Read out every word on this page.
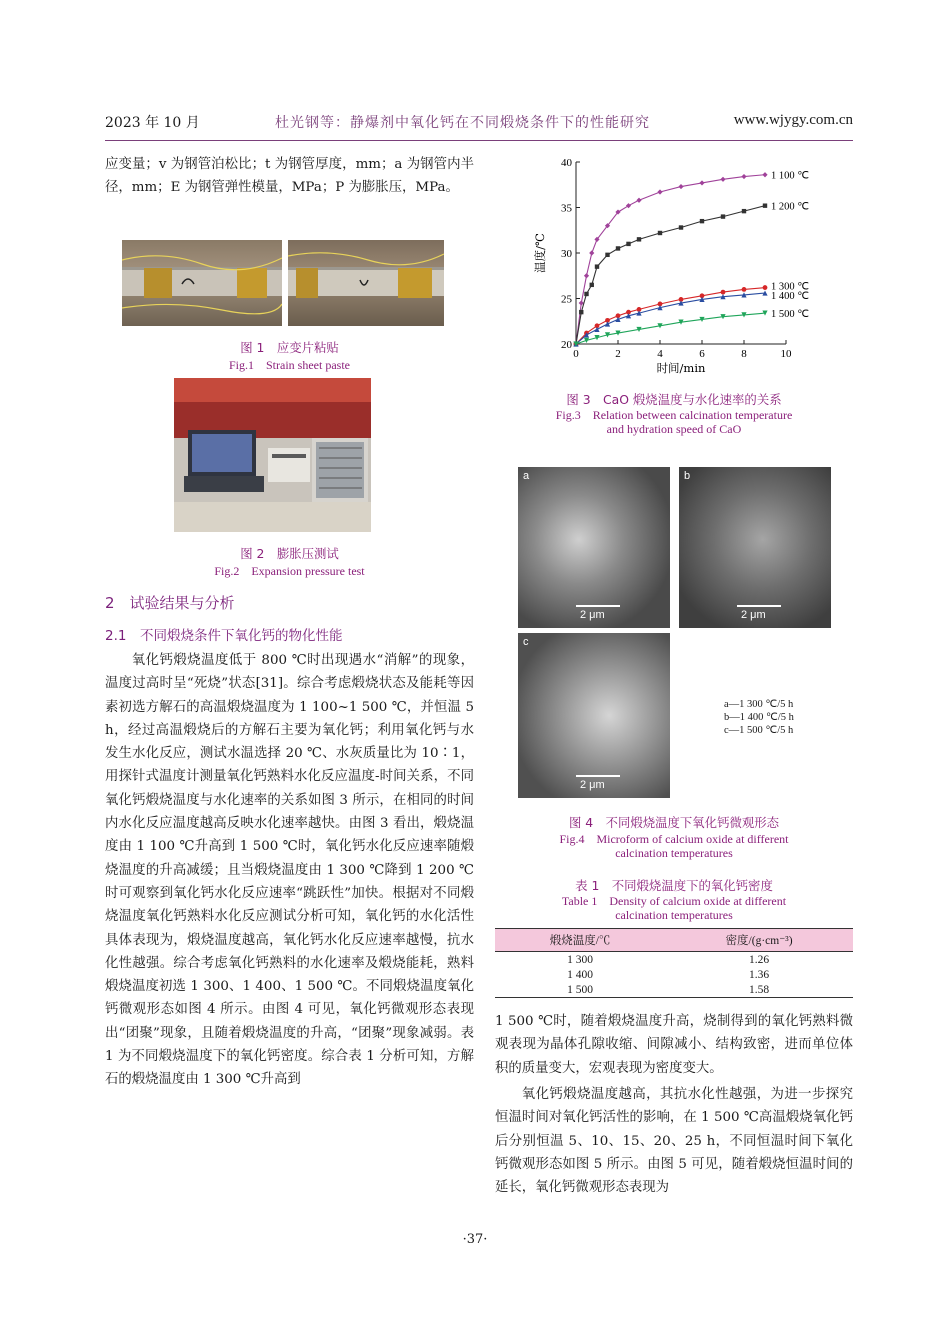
2023 年 10 月	杜光钢等：静爆剂中氧化钙在不同煅烧条件下的性能研究	www.wjygy.com.cn
应变量；v 为钢管泊松比；t 为钢管厚度，mm；a 为钢管内半径，mm；E 为钢管弹性模量，MPa；P 为膨胀压，MPa。
图 1　应变片粘贴
Fig.1　Strain sheet paste
图 2　膨胀压测试
Fig.2　Expansion pressure test
2　试验结果与分析
2.1　不同煅烧条件下氧化钙的物化性能
氧化钙煅烧温度低于 800 ℃时出现遇水“消解”的现象，温度过高时呈“死烧”状态[31]。综合考虑煅烧状态及能耗等因素初选方解石的高温煅烧温度为 1 100~1 500 ℃，并恒温 5 h，经过高温煅烧后的方解石主要为氧化钙；利用氧化钙与水发生水化反应，测试水温选择 20 ℃、水灰质量比为 10∶1，用探针式温度计测量氧化钙熟料水化反应温度-时间关系，不同氧化钙煅烧温度与水化速率的关系如图 3 所示，在相同的时间内水化反应温度越高反映水化速率越快。由图 3 看出，煅烧温度由 1 100 ℃升高到 1 500 ℃时，氧化钙水化反应速率随煅烧温度的升高减缓；且当煅烧温度由 1 300 ℃降到 1 200 ℃时可观察到氧化钙水化反应速率“跳跃性”加快。根据对不同煅烧温度氧化钙熟料水化反应测试分析可知，氧化钙的水化活性具体表现为，煅烧温度越高，氧化钙水化反应速率越慢，抗水化性越强。综合考虑氧化钙熟料的水化速率及煅烧能耗，熟料煅烧温度初选 1 300、1 400、1 500 ℃。不同煅烧温度氧化钙微观形态如图 4 所示。由图 4 可见，氧化钙微观形态表现出“团聚”现象，且随着煅烧温度的升高，“团聚”现象减弱。表 1 为不同煅烧温度下的氧化钙密度。综合表 1 分析可知，方解石的煅烧温度由 1 300 ℃升高到
0	2	4	6	8	10
20
25
30
35
40
时间/min
温度/℃
1 100 ℃
1 200 ℃
1 300 ℃
1 400 ℃
1 500 ℃
图 3　CaO 煅烧温度与水化速率的关系
Fig.3　Relation between calcination temperature
and hydration speed of CaO
a
2 μm
b
2 μm
c
2 μm
a—1 300 ℃/5 h
b—1 400 ℃/5 h
c—1 500 ℃/5 h
图 4　不同煅烧温度下氧化钙微观形态
Fig.4　Microform of calcium oxide at different
calcination temperatures
表 1　不同煅烧温度下的氧化钙密度
Table 1　Density of calcium oxide at different
calcination temperatures
煅烧温度/℃	密度/(g·cm⁻³)
1 300	1.26
1 400	1.36
1 500	1.58
1 500 ℃时，随着煅烧温度升高，烧制得到的氧化钙熟料微观表现为晶体孔隙收缩、间隙减小、结构致密，进而单位体积的质量变大，宏观表现为密度变大。
氧化钙煅烧温度越高，其抗水化性越强，为进一步探究恒温时间对氧化钙活性的影响，在 1 500 ℃高温煅烧氧化钙后分别恒温 5、10、15、20、25 h，不同恒温时间下氧化钙微观形态如图 5 所示。由图 5 可见，随着煅烧恒温时间的延长，氧化钙微观形态表现为
·37·
